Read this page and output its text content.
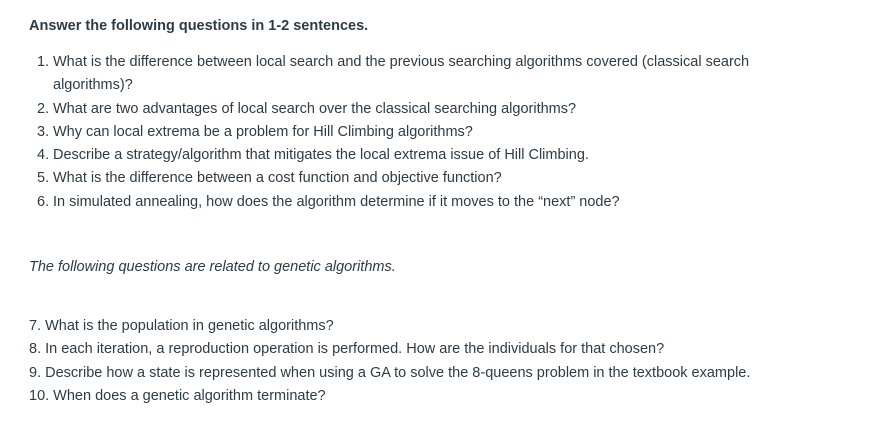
Answer the following questions in 1-2 sentences.

1. What is the difference between local search and the previous searching algorithms covered (classical search algorithms)?
2. What are two advantages of local search over the classical searching algorithms?
3. Why can local extrema be a problem for Hill Climbing algorithms?
4. Describe a strategy/algorithm that mitigates the local extrema issue of Hill Climbing.
5. What is the difference between a cost function and objective function?
6. In simulated annealing, how does the algorithm determine if it moves to the “next” node?

The following questions are related to genetic algorithms.

7. What is the population in genetic algorithms?
8. In each iteration, a reproduction operation is performed. How are the individuals for that chosen?
9. Describe how a state is represented when using a GA to solve the 8-queens problem in the textbook example.
10. When does a genetic algorithm terminate?
